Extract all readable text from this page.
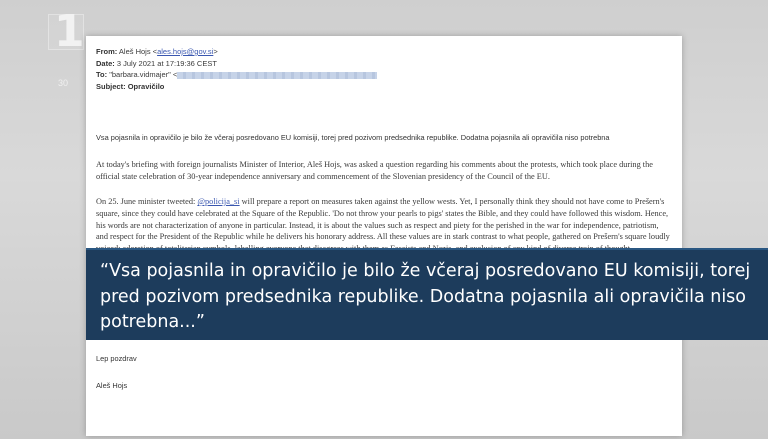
1
30
From: Aleš Hojs <ales.hojs@gov.si>
Date: 3 July 2021 at 17:19:36 CEST
To: "barbara.vidmajer" <
Subject: Opravičilo
Vsa pojasnila in opravičilo je bilo že včeraj posredovano EU komisiji, torej pred pozivom predsednika republike. Dodatna pojasnila ali opravičila niso potrebna
At today's briefing with foreign journalists Minister of Interior, Aleš Hojs, was asked a question regarding his comments about the protests, which took place during the official state celebration of 30-year independence anniversary and commencement of the Slovenian presidency of the Council of the EU.
On 25. June minister tweeted: @policija_si will prepare a report on measures taken against the yellow wests. Yet, I personally think they should not have come to Prešern's square, since they could have celebrated at the Square of the Republic. 'Do not throw your pearls to pigs' states the Bible, and they could have followed this wisdom. Hence, his words are not characterization of anyone in particular. Instead, it is about the values such as respect and piety for the perished in the war for independence, patriotism, and respect for the President of the Republic while he delivers his honorary address. All these values are in stark contrast to what people, gathered on Prešern's square loudly
Lep pozdrav
Aleš Hojs
“Vsa pojasnila in opravičilo je bilo že včeraj posredovano EU komisiji, torej pred pozivom predsednika republike. Dodatna pojasnila ali opravičila niso potrebna...”
